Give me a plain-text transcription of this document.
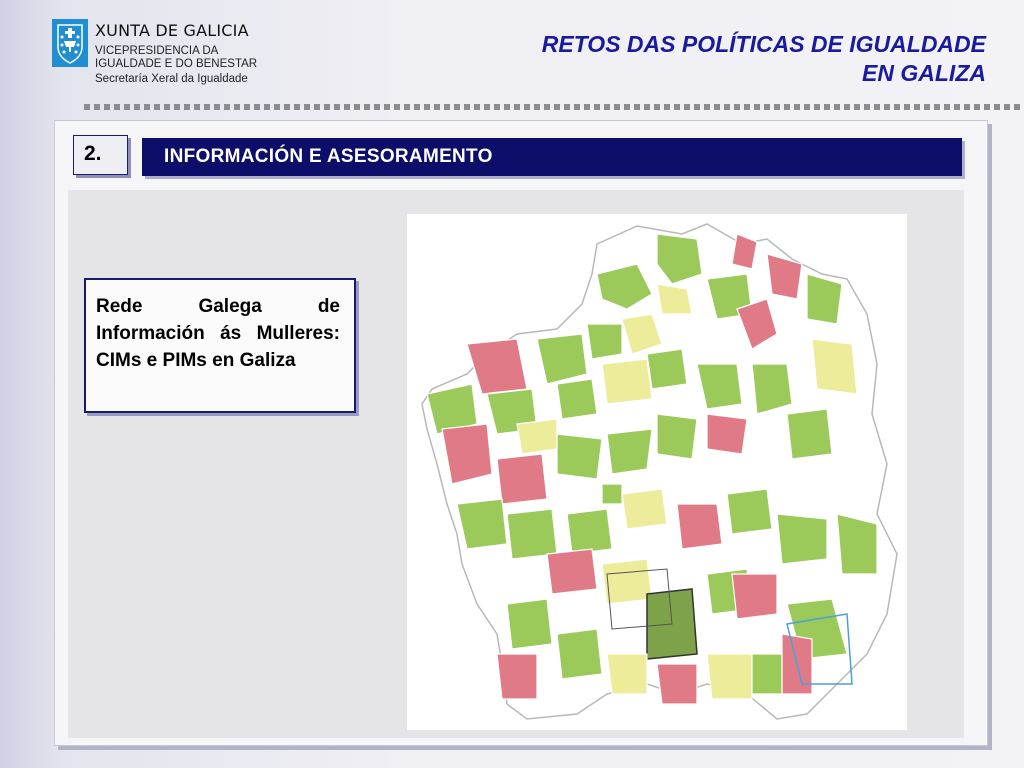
XUNTA DE GALICIA
VICEPRESIDENCIA DA
IGUALDADE E DO BENESTAR
Secretaría Xeral da Igualdade
RETOS DAS POLÍTICAS DE IGUALDADE
EN GALIZA
2.	INFORMACIÓN E ASESORAMENTO

Rede Galega de Información ás Mulleres: CIMs e PIMs en Galiza
